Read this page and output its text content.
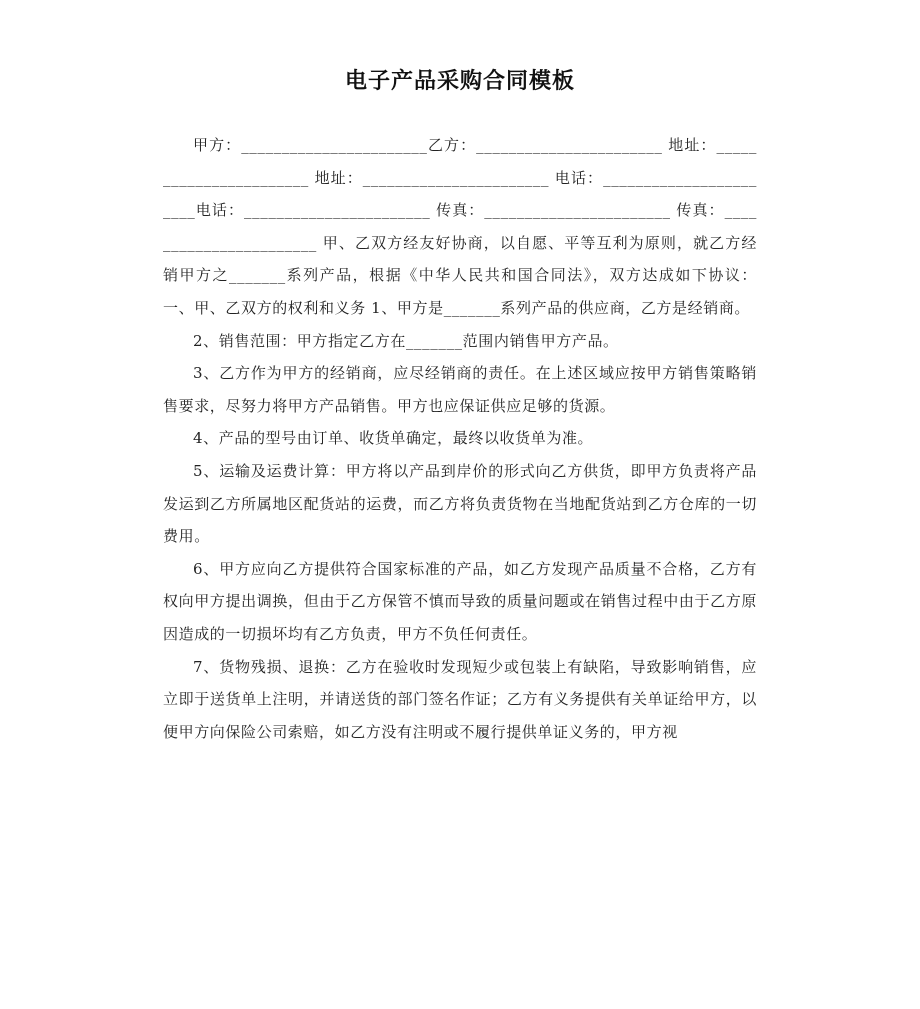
电子产品采购合同模板

甲方：_______________________乙方：_______________________ 地址：_______________________ 地址：_______________________ 电话：_______________________电话：_______________________ 传真：_______________________ 传真：_______________________ 甲、乙双方经友好协商，以自愿、平等互利为原则，就乙方经销甲方之_______系列产品，根据《中华人民共和国合同法》，双方达成如下协议： 一、甲、乙双方的权利和义务 1、甲方是_______系列产品的供应商，乙方是经销商。

2、销售范围：甲方指定乙方在_______范围内销售甲方产品。

3、乙方作为甲方的经销商，应尽经销商的责任。在上述区域应按甲方销售策略销售要求，尽努力将甲方产品销售。甲方也应保证供应足够的货源。

4、产品的型号由订单、收货单确定，最终以收货单为准。

5、运输及运费计算：甲方将以产品到岸价的形式向乙方供货，即甲方负责将产品发运到乙方所属地区配货站的运费，而乙方将负责货物在当地配货站到乙方仓库的一切费用。

6、甲方应向乙方提供符合国家标准的产品，如乙方发现产品质量不合格，乙方有权向甲方提出调换，但由于乙方保管不慎而导致的质量问题或在销售过程中由于乙方原因造成的一切损坏均有乙方负责，甲方不负任何责任。

7、货物残损、退换：乙方在验收时发现短少或包装上有缺陷，导致影响销售，应立即于送货单上注明，并请送货的部门签名作证；乙方有义务提供有关单证给甲方，以便甲方向保险公司索赔，如乙方没有注明或不履行提供单证义务的，甲方视
